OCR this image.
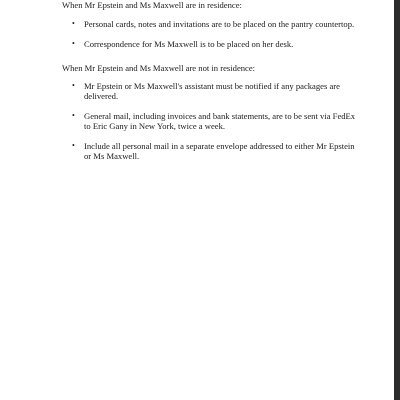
When Mr Epstein and Ms Maxwell are in residence:

• Personal cards, notes and invitations are to be placed on the pantry countertop.
• Correspondence for Ms Maxwell is to be placed on her desk.

When Mr Epstein and Ms Maxwell are not in residence:

• Mr Epstein or Ms Maxwell's assistant must be notified if any packages are delivered.
• General mail, including invoices and bank statements, are to be sent via FedEx to Eric Gany in New York, twice a week.
• Include all personal mail in a separate envelope addressed to either Mr Epstein or Ms Maxwell.
